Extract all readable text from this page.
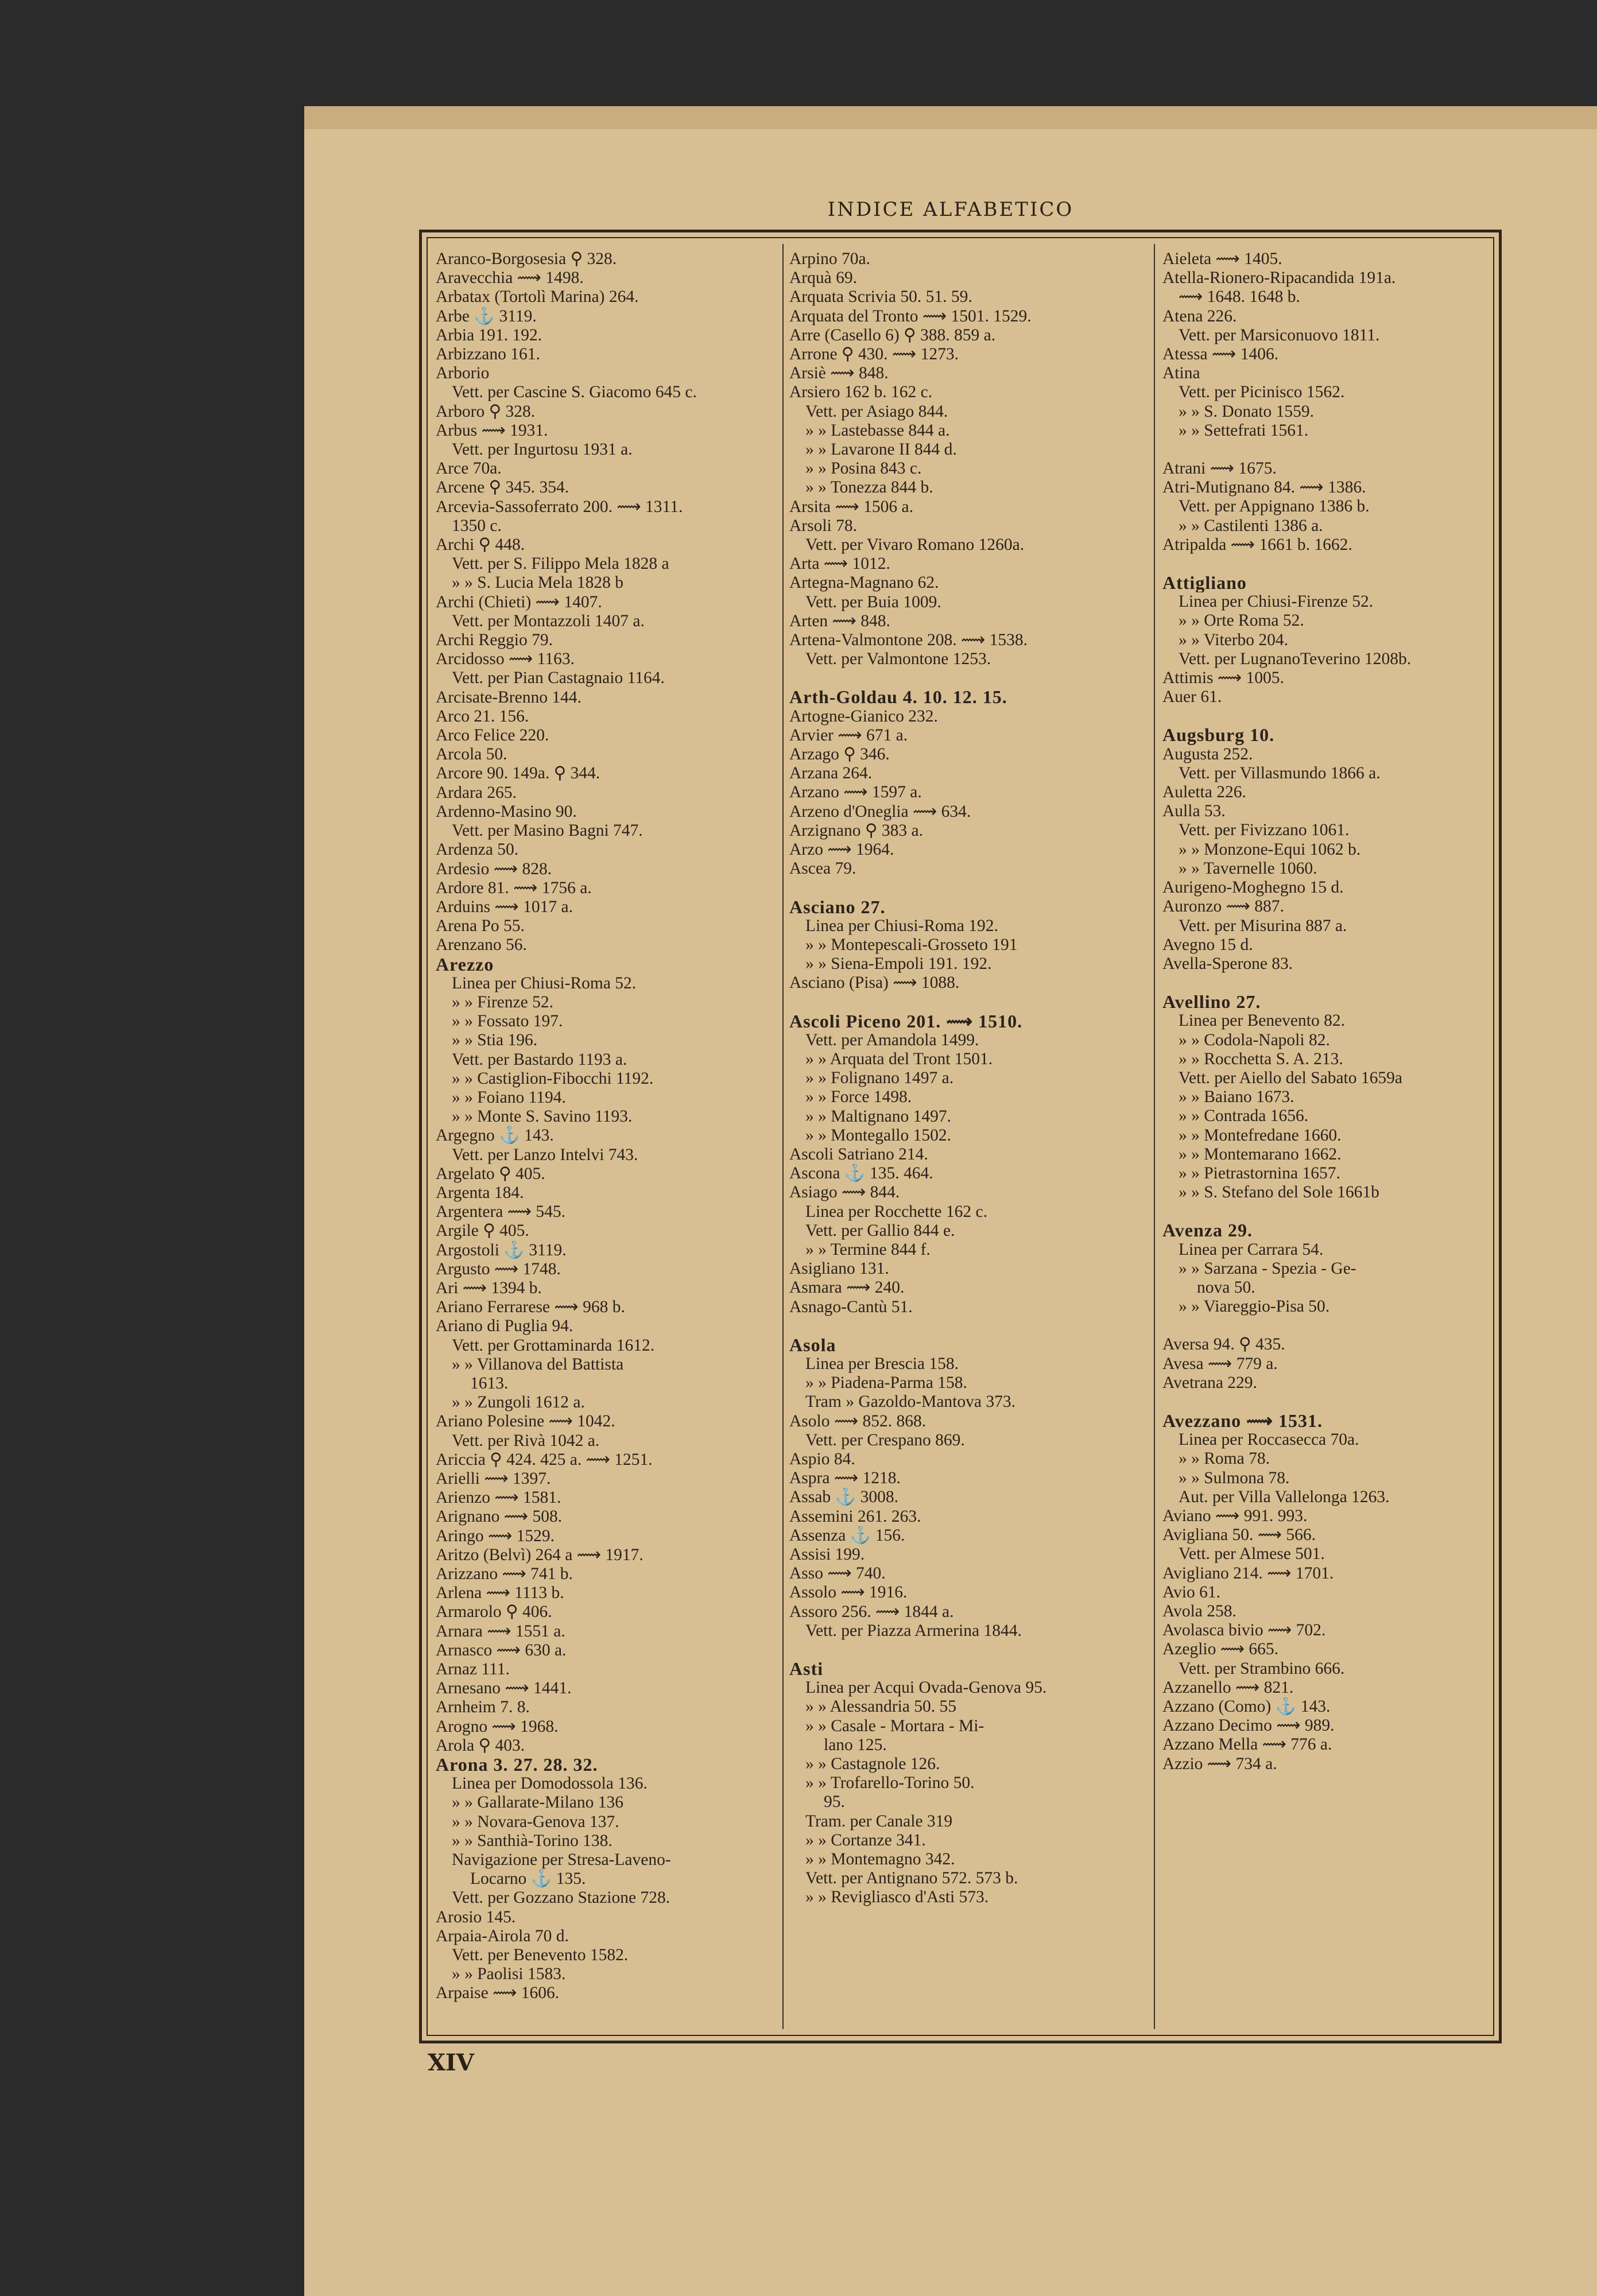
INDICE ALFABETICO
Aranco-Borgosesia ⚲ 328.
Aravecchia ⟿ 1498.
Arbatax (Tortolì Marina) 264.
Arbe ⚓ 3119.
Arbia 191. 192.
Arbizzano 161.
Arborio
Vett. per Cascine S. Giacomo 645 c.
Arboro ⚲ 328.
Arbus ⟿ 1931.
Vett. per Ingurtosu 1931 a.
Arce 70a.
Arcene ⚲ 345. 354.
Arcevia-Sassoferrato 200. ⟿ 1311.
1350 c.
Archi ⚲ 448.
Vett. per S. Filippo Mela 1828 a
» » S. Lucia Mela 1828 b
Archi (Chieti) ⟿ 1407.
Vett. per Montazzoli 1407 a.
Archi Reggio 79.
Arcidosso ⟿ 1163.
Vett. per Pian Castagnaio 1164.
Arcisate-Brenno 144.
Arco 21. 156.
Arco Felice 220.
Arcola 50.
Arcore 90. 149a. ⚲ 344.
Ardara 265.
Ardenno-Masino 90.
Vett. per Masino Bagni 747.
Ardenza 50.
Ardesio ⟿ 828.
Ardore 81. ⟿ 1756 a.
Arduins ⟿ 1017 a.
Arena Po 55.
Arenzano 56.
Arezzo
Linea per Chiusi-Roma 52.
» » Firenze 52.
» » Fossato 197.
» » Stia 196.
Vett. per Bastardo 1193 a.
» » Castiglion-Fibocchi 1192.
» » Foiano 1194.
» » Monte S. Savino 1193.
Argegno ⚓ 143.
Vett. per Lanzo Intelvi 743.
Argelato ⚲ 405.
Argenta 184.
Argentera ⟿ 545.
Argile ⚲ 405.
Argostoli ⚓ 3119.
Argusto ⟿ 1748.
Ari ⟿ 1394 b.
Ariano Ferrarese ⟿ 968 b.
Ariano di Puglia 94.
Vett. per Grottaminarda 1612.
» » Villanova del Battista
1613.
» » Zungoli 1612 a.
Ariano Polesine ⟿ 1042.
Vett. per Rivà 1042 a.
Ariccia ⚲ 424. 425 a. ⟿ 1251.
Arielli ⟿ 1397.
Arienzo ⟿ 1581.
Arignano ⟿ 508.
Aringo ⟿ 1529.
Aritzo (Belvì) 264 a ⟿ 1917.
Arizzano ⟿ 741 b.
Arlena ⟿ 1113 b.
Armarolo ⚲ 406.
Arnara ⟿ 1551 a.
Arnasco ⟿ 630 a.
Arnaz 111.
Arnesano ⟿ 1441.
Arnheim 7. 8.
Arogno ⟿ 1968.
Arola ⚲ 403.
Arona 3. 27. 28. 32.
Linea per Domodossola 136.
» » Gallarate-Milano 136
» » Novara-Genova 137.
» » Santhià-Torino 138.
Navigazione per Stresa-Laveno-
Locarno ⚓ 135.
Vett. per Gozzano Stazione 728.
Arosio 145.
Arpaia-Airola 70 d.
Vett. per Benevento 1582.
» » Paolisi 1583.
Arpaise ⟿ 1606.
Arpino 70a.
Arquà 69.
Arquata Scrivia 50. 51. 59.
Arquata del Tronto ⟿ 1501. 1529.
Arre (Casello 6) ⚲ 388. 859 a.
Arrone ⚲ 430. ⟿ 1273.
Arsiè ⟿ 848.
Arsiero 162 b. 162 c.
Vett. per Asiago 844.
» » Lastebasse 844 a.
» » Lavarone II 844 d.
» » Posina 843 c.
» » Tonezza 844 b.
Arsita ⟿ 1506 a.
Arsoli 78.
Vett. per Vivaro Romano 1260a.
Arta ⟿ 1012.
Artegna-Magnano 62.
Vett. per Buia 1009.
Arten ⟿ 848.
Artena-Valmontone 208. ⟿ 1538.
Vett. per Valmontone 1253.
Arth-Goldau 4. 10. 12. 15.
Artogne-Gianico 232.
Arvier ⟿ 671 a.
Arzago ⚲ 346.
Arzana 264.
Arzano ⟿ 1597 a.
Arzeno d'Oneglia ⟿ 634.
Arzignano ⚲ 383 a.
Arzo ⟿ 1964.
Ascea 79.
Asciano 27.
Linea per Chiusi-Roma 192.
» » Montepescali-Grosseto 191
» » Siena-Empoli 191. 192.
Asciano (Pisa) ⟿ 1088.
Ascoli Piceno 201. ⟿ 1510.
Vett. per Amandola 1499.
» » Arquata del Tront 1501.
» » Folignano 1497 a.
» » Force 1498.
» » Maltignano 1497.
» » Montegallo 1502.
Ascoli Satriano 214.
Ascona ⚓ 135. 464.
Asiago ⟿ 844.
Linea per Rocchette 162 c.
Vett. per Gallio 844 e.
» » Termine 844 f.
Asigliano 131.
Asmara ⟿ 240.
Asnago-Cantù 51.
Asola
Linea per Brescia 158.
» » Piadena-Parma 158.
Tram » Gazoldo-Mantova 373.
Asolo ⟿ 852. 868.
Vett. per Crespano 869.
Aspio 84.
Aspra ⟿ 1218.
Assab ⚓ 3008.
Assemini 261. 263.
Assenza ⚓ 156.
Assisi 199.
Asso ⟿ 740.
Assolo ⟿ 1916.
Assoro 256. ⟿ 1844 a.
Vett. per Piazza Armerina 1844.
Asti
Linea per Acqui Ovada-Genova 95.
» » Alessandria 50. 55
» » Casale - Mortara - Mi-
lano 125.
» » Castagnole 126.
» » Trofarello-Torino 50.
95.
Tram. per Canale 319
» » Cortanze 341.
» » Montemagno 342.
Vett. per Antignano 572. 573 b.
» » Revigliasco d'Asti 573.
Aieleta ⟿ 1405.
Atella-Rionero-Ripacandida 191a.
⟿ 1648. 1648 b.
Atena 226.
Vett. per Marsiconuovo 1811.
Atessa ⟿ 1406.
Atina
Vett. per Picinisco 1562.
» » S. Donato 1559.
» » Settefrati 1561.
Atrani ⟿ 1675.
Atri-Mutignano 84. ⟿ 1386.
Vett. per Appignano 1386 b.
» » Castilenti 1386 a.
Atripalda ⟿ 1661 b. 1662.
Attigliano
Linea per Chiusi-Firenze 52.
» » Orte Roma 52.
» » Viterbo 204.
Vett. per LugnanoTeverino 1208b.
Attimis ⟿ 1005.
Auer 61.
Augsburg 10.
Augusta 252.
Vett. per Villasmundo 1866 a.
Auletta 226.
Aulla 53.
Vett. per Fivizzano 1061.
» » Monzone-Equi 1062 b.
» » Tavernelle 1060.
Aurigeno-Moghegno 15 d.
Auronzo ⟿ 887.
Vett. per Misurina 887 a.
Avegno 15 d.
Avella-Sperone 83.
Avellino 27.
Linea per Benevento 82.
» » Codola-Napoli 82.
» » Rocchetta S. A. 213.
Vett. per Aiello del Sabato 1659a
» » Baiano 1673.
» » Contrada 1656.
» » Montefredane 1660.
» » Montemarano 1662.
» » Pietrastornina 1657.
» » S. Stefano del Sole 1661b
Avenza 29.
Linea per Carrara 54.
» » Sarzana - Spezia - Ge-
nova 50.
» » Viareggio-Pisa 50.
Aversa 94. ⚲ 435.
Avesa ⟿ 779 a.
Avetrana 229.
Avezzano ⟿ 1531.
Linea per Roccasecca 70a.
» » Roma 78.
» » Sulmona 78.
Aut. per Villa Vallelonga 1263.
Aviano ⟿ 991. 993.
Avigliana 50. ⟿ 566.
Vett. per Almese 501.
Avigliano 214. ⟿ 1701.
Avio 61.
Avola 258.
Avolasca bivio ⟿ 702.
Azeglio ⟿ 665.
Vett. per Strambino 666.
Azzanello ⟿ 821.
Azzano (Como) ⚓ 143.
Azzano Decimo ⟿ 989.
Azzano Mella ⟿ 776 a.
Azzio ⟿ 734 a.
XIV
